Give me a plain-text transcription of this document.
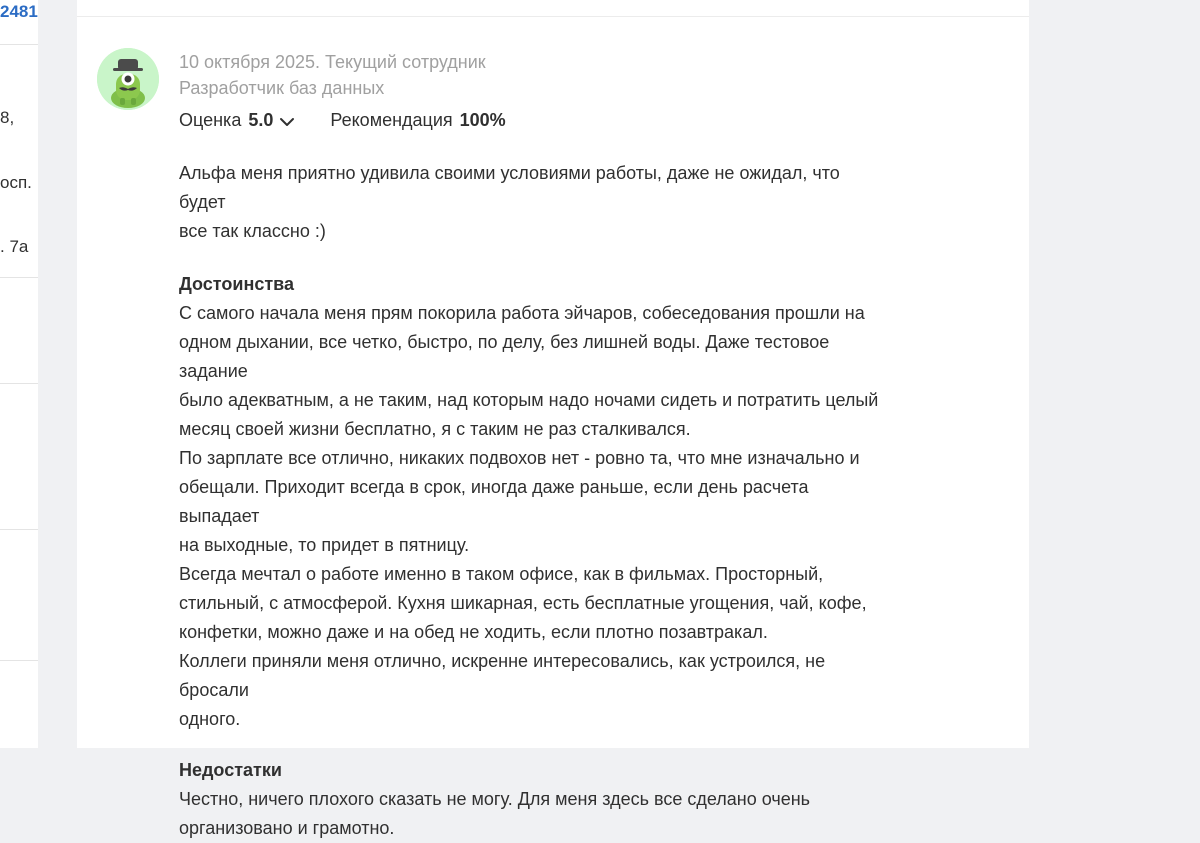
2481
8,
осп.
. 7а
10 октября 2025. Текущий сотрудник
Разработчик баз данных
Оценка 5.0	Рекомендация 100%

Альфа меня приятно удивила своими условиями работы, даже не ожидал, что будет

все так классно :)

Достоинства

С самого начала меня прям покорила работа эйчаров, собеседования прошли на

одном дыхании, все четко, быстро, по делу, без лишней воды. Даже тестовое задание

было адекватным, а не таким, над которым надо ночами сидеть и потратить целый

месяц своей жизни бесплатно, я с таким не раз сталкивался.

По зарплате все отлично, никаких подвохов нет - ровно та, что мне изначально и

обещали. Приходит всегда в срок, иногда даже раньше, если день расчета выпадает

на выходные, то придет в пятницу.

Всегда мечтал о работе именно в таком офисе, как в фильмах. Просторный,

стильный, с атмосферой. Кухня шикарная, есть бесплатные угощения, чай, кофе,

конфетки, можно даже и на обед не ходить, если плотно позавтракал.

Коллеги приняли меня отлично, искренне интересовались, как устроился, не бросали

одного.

Недостатки

Честно, ничего плохого сказать не могу. Для меня здесь все сделано очень

организовано и грамотно.
